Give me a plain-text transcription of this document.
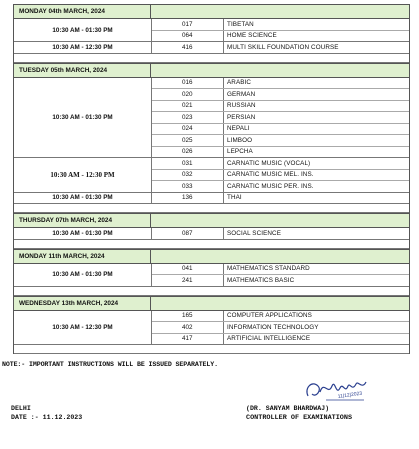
MONDAY 04th MARCH, 2024
10:30 AM - 01:30 PM
017	TIBETAN
064	HOME SCIENCE
10:30 AM - 12:30 PM	416	MULTI SKILL FOUNDATION COURSE
TUESDAY 05th MARCH, 2024
10:30 AM - 01:30 PM
016	ARABIC
020	GERMAN
021	RUSSIAN
023	PERSIAN
024	NEPALI
025	LIMBOO
026	LEPCHA
10:30 AM - 12:30 PM
031	CARNATIC MUSIC (VOCAL)
032	CARNATIC MUSIC MEL. INS.
033	CARNATIC MUSIC PER. INS.
10:30 AM - 01:30 PM	136	THAI
THURSDAY 07th MARCH, 2024
10:30 AM - 01:30 PM	087	SOCIAL SCIENCE
MONDAY 11th MARCH, 2024
10:30 AM - 01:30 PM
041	MATHEMATICS STANDARD
241	MATHEMATICS BASIC
WEDNESDAY 13th MARCH, 2024
10:30 AM - 12:30 PM
165	COMPUTER APPLICATIONS
402	INFORMATION TECHNOLOGY
417	ARTIFICIAL INTELLIGENCE
NOTE:- IMPORTANT INSTRUCTIONS WILL BE ISSUED SEPARATELY.
11|12|2023
DELHI
DATE :- 11.12.2023
(DR. SANYAM BHARDWAJ)
CONTROLLER OF EXAMINATIONS
